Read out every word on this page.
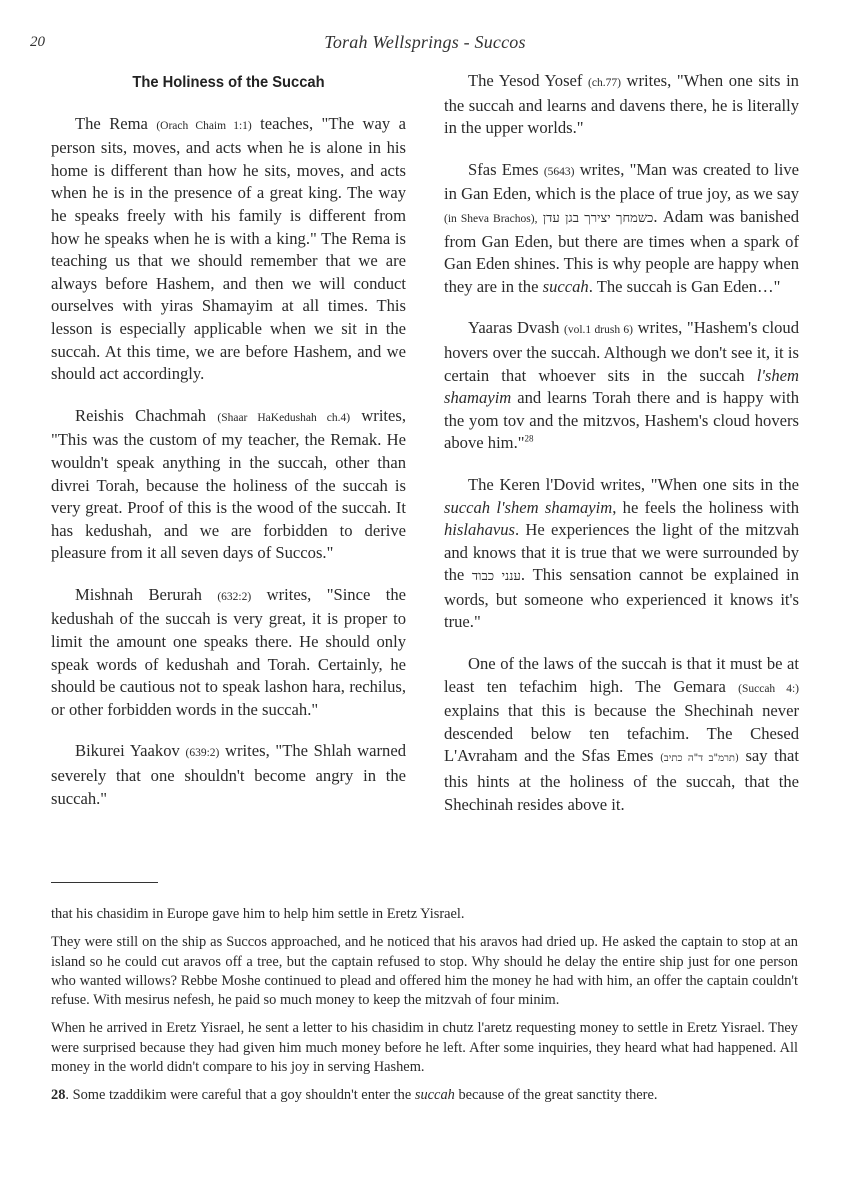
20	Torah Wellsprings - Succos
The Holiness of the Succah

The Rema (Orach Chaim 1:1) teaches, "The way a person sits, moves, and acts when he is alone in his home is different than how he sits, moves, and acts when he is in the presence of a great king. The way he speaks freely with his family is different from how he speaks when he is with a king." The Rema is teaching us that we should remember that we are always before Hashem, and then we will conduct ourselves with yiras Shamayim at all times. This lesson is especially applicable when we sit in the succah. At this time, we are before Hashem, and we should act accordingly.

Reishis Chachmah (Shaar HaKedushah ch.4) writes, "This was the custom of my teacher, the Remak. He wouldn't speak anything in the succah, other than divrei Torah, because the holiness of the succah is very great. Proof of this is the wood of the succah. It has kedushah, and we are forbidden to derive pleasure from it all seven days of Succos."

Mishnah Berurah (632:2) writes, "Since the kedushah of the succah is very great, it is proper to limit the amount one speaks there. He should only speak words of kedushah and Torah. Certainly, he should be cautious not to speak lashon hara, rechilus, or other forbidden words in the succah."

Bikurei Yaakov (639:2) writes, "The Shlah warned severely that one shouldn't become angry in the succah."

The Yesod Yosef (ch.77) writes, "When one sits in the succah and learns and davens there, he is literally in the upper worlds."

Sfas Emes (5643) writes, "Man was created to live in Gan Eden, which is the place of true joy, as we say (in Sheva Brachos), כשמחך יצירך בגן עדן. Adam was banished from Gan Eden, but there are times when a spark of Gan Eden shines. This is why people are happy when they are in the succah. The succah is Gan Eden…"

Yaaras Dvash (vol.1 drush 6) writes, "Hashem's cloud hovers over the succah. Although we don't see it, it is certain that whoever sits in the succah l'shem shamayim and learns Torah there and is happy with the yom tov and the mitzvos, Hashem's cloud hovers above him."$^{28}$

The Keren l'Dovid writes, "When one sits in the succah l'shem shamayim, he feels the holiness with hislahavus. He experiences the light of the mitzvah and knows that it is true that we were surrounded by the ענני כבוד. This sensation cannot be explained in words, but someone who experienced it knows it's true."

One of the laws of the succah is that it must be at least ten tefachim high. The Gemara (Succah 4:) explains that this is because the Shechinah never descended below ten tefachim. The Chesed L'Avraham and the Sfas Emes (תרמ"ב ד"ה כתיב) say that this hints at the holiness of the succah, that the Shechinah resides above it.

that his chasidim in Europe gave him to help him settle in Eretz Yisrael.

They were still on the ship as Succos approached, and he noticed that his aravos had dried up. He asked the captain to stop at an island so he could cut aravos off a tree, but the captain refused to stop. Why should he delay the entire ship just for one person who wanted willows? Rebbe Moshe continued to plead and offered him the money he had with him, an offer the captain couldn't refuse. With mesirus nefesh, he paid so much money to keep the mitzvah of four minim.

When he arrived in Eretz Yisrael, he sent a letter to his chasidim in chutz l'aretz requesting money to settle in Eretz Yisrael. They were surprised because they had given him much money before he left. After some inquiries, they heard what had happened. All money in the world didn't compare to his joy in serving Hashem.

28. Some tzaddikim were careful that a goy shouldn't enter the succah because of the great sanctity there.
